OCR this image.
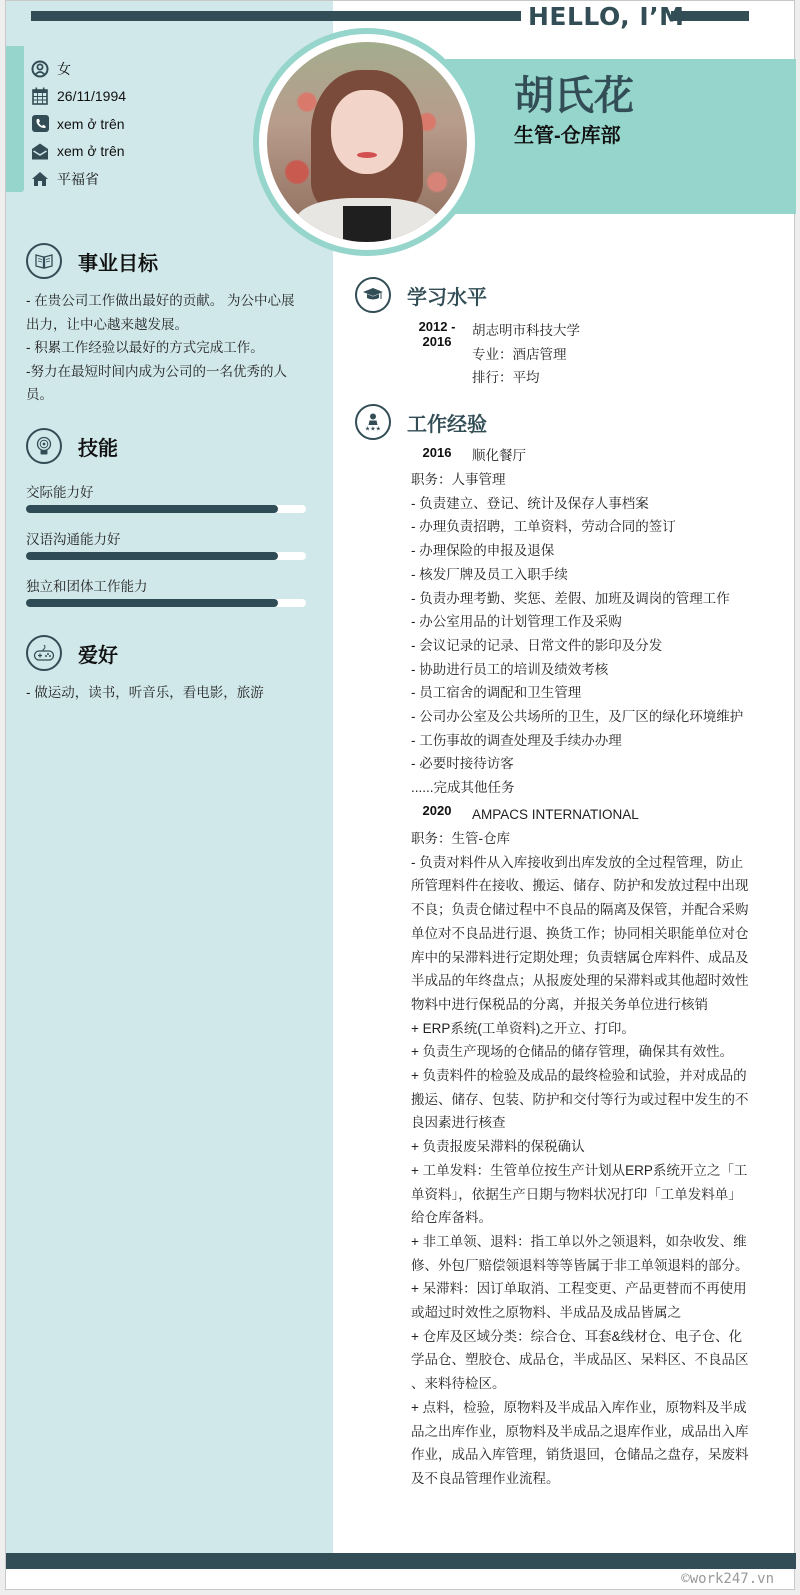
HELLO, I’M
胡氏花
生管-仓库部
女
26/11/1994
xem ở trên
xem ở trên
平福省
事业目标
- 在贵公司工作做出最好的贡献。 为公中心展
出力，让中心越来越发展。
- 积累工作经验以最好的方式完成工作。
-努力在最短时间内成为公司的一名优秀的人
员。
技能
交际能力好
汉语沟通能力好
独立和团体工作能力
爱好
- 做运动，读书，听音乐，看电影，旅游
学习水平
2012 -
2016
胡志明市科技大学
专业：酒店管理
排行：平均
★★★ 工作经验
2016	顺化餐厅
职务：人事管理
- 负责建立、登记、统计及保存人事档案
- 办理负责招聘，工单资料，劳动合同的签订
- 办理保险的申报及退保
- 核发厂牌及员工入职手续
- 负责办理考勤、奖惩、差假、加班及调岗的管理工作
- 办公室用品的计划管理工作及采购
- 会议记录的记录、日常文件的影印及分发
- 协助进行员工的培训及绩效考核
- 员工宿舍的调配和卫生管理
- 公司办公室及公共场所的卫生，及厂区的绿化环境维护
- 工伤事故的调查处理及手续办办理
- 必要时接待访客
......完成其他任务
2020	AMPACS INTERNATIONAL
职务：生管-仓库
- 负责对料件从入库接收到出库发放的全过程管理，防止
所管理料件在接收、搬运、储存、防护和发放过程中出现
不良；负责仓储过程中不良品的隔离及保管，并配合采购
单位对不良品进行退、换货工作；协同相关职能单位对仓
库中的呆滞料进行定期处理；负责辖属仓库料件、成品及
半成品的年终盘点；从报废处理的呆滞料或其他超时效性
物料中进行保税品的分离，并报关务单位进行核销
+ ERP系统(工单资料)之开立、打印。
+ 负责生产现场的仓储品的储存管理，确保其有效性。
+ 负责料件的检验及成品的最终检验和试验，并对成品的
搬运、储存、包装、防护和交付等行为或过程中发生的不
良因素进行核查
+ 负责报废呆滞料的保税确认
+ 工单发料：生管单位按生产计划从ERP系统开立之「工
单资料」，依据生产日期与物料状况打印「工单发料单」
给仓库备料。
+ 非工单领、退料：指工单以外之领退料，如杂收发、维
修、外包厂赔偿领退料等等皆属于非工单领退料的部分。
+ 呆滞料：因订单取消、工程变更、产品更替而不再使用
或超过时效性之原物料、半成品及成品皆属之
+ 仓库及区域分类：综合仓、耳套&线材仓、电子仓、化
学品仓、塑胶仓、成品仓，半成品区、呆料区、不良品区
、来料待检区。
+ 点料，检验，原物料及半成品入库作业，原物料及半成
品之出库作业，原物料及半成品之退库作业，成品出入库
作业，成品入库管理，销货退回，仓储品之盘存，呆废料
及不良品管理作业流程。
©work247.vn
